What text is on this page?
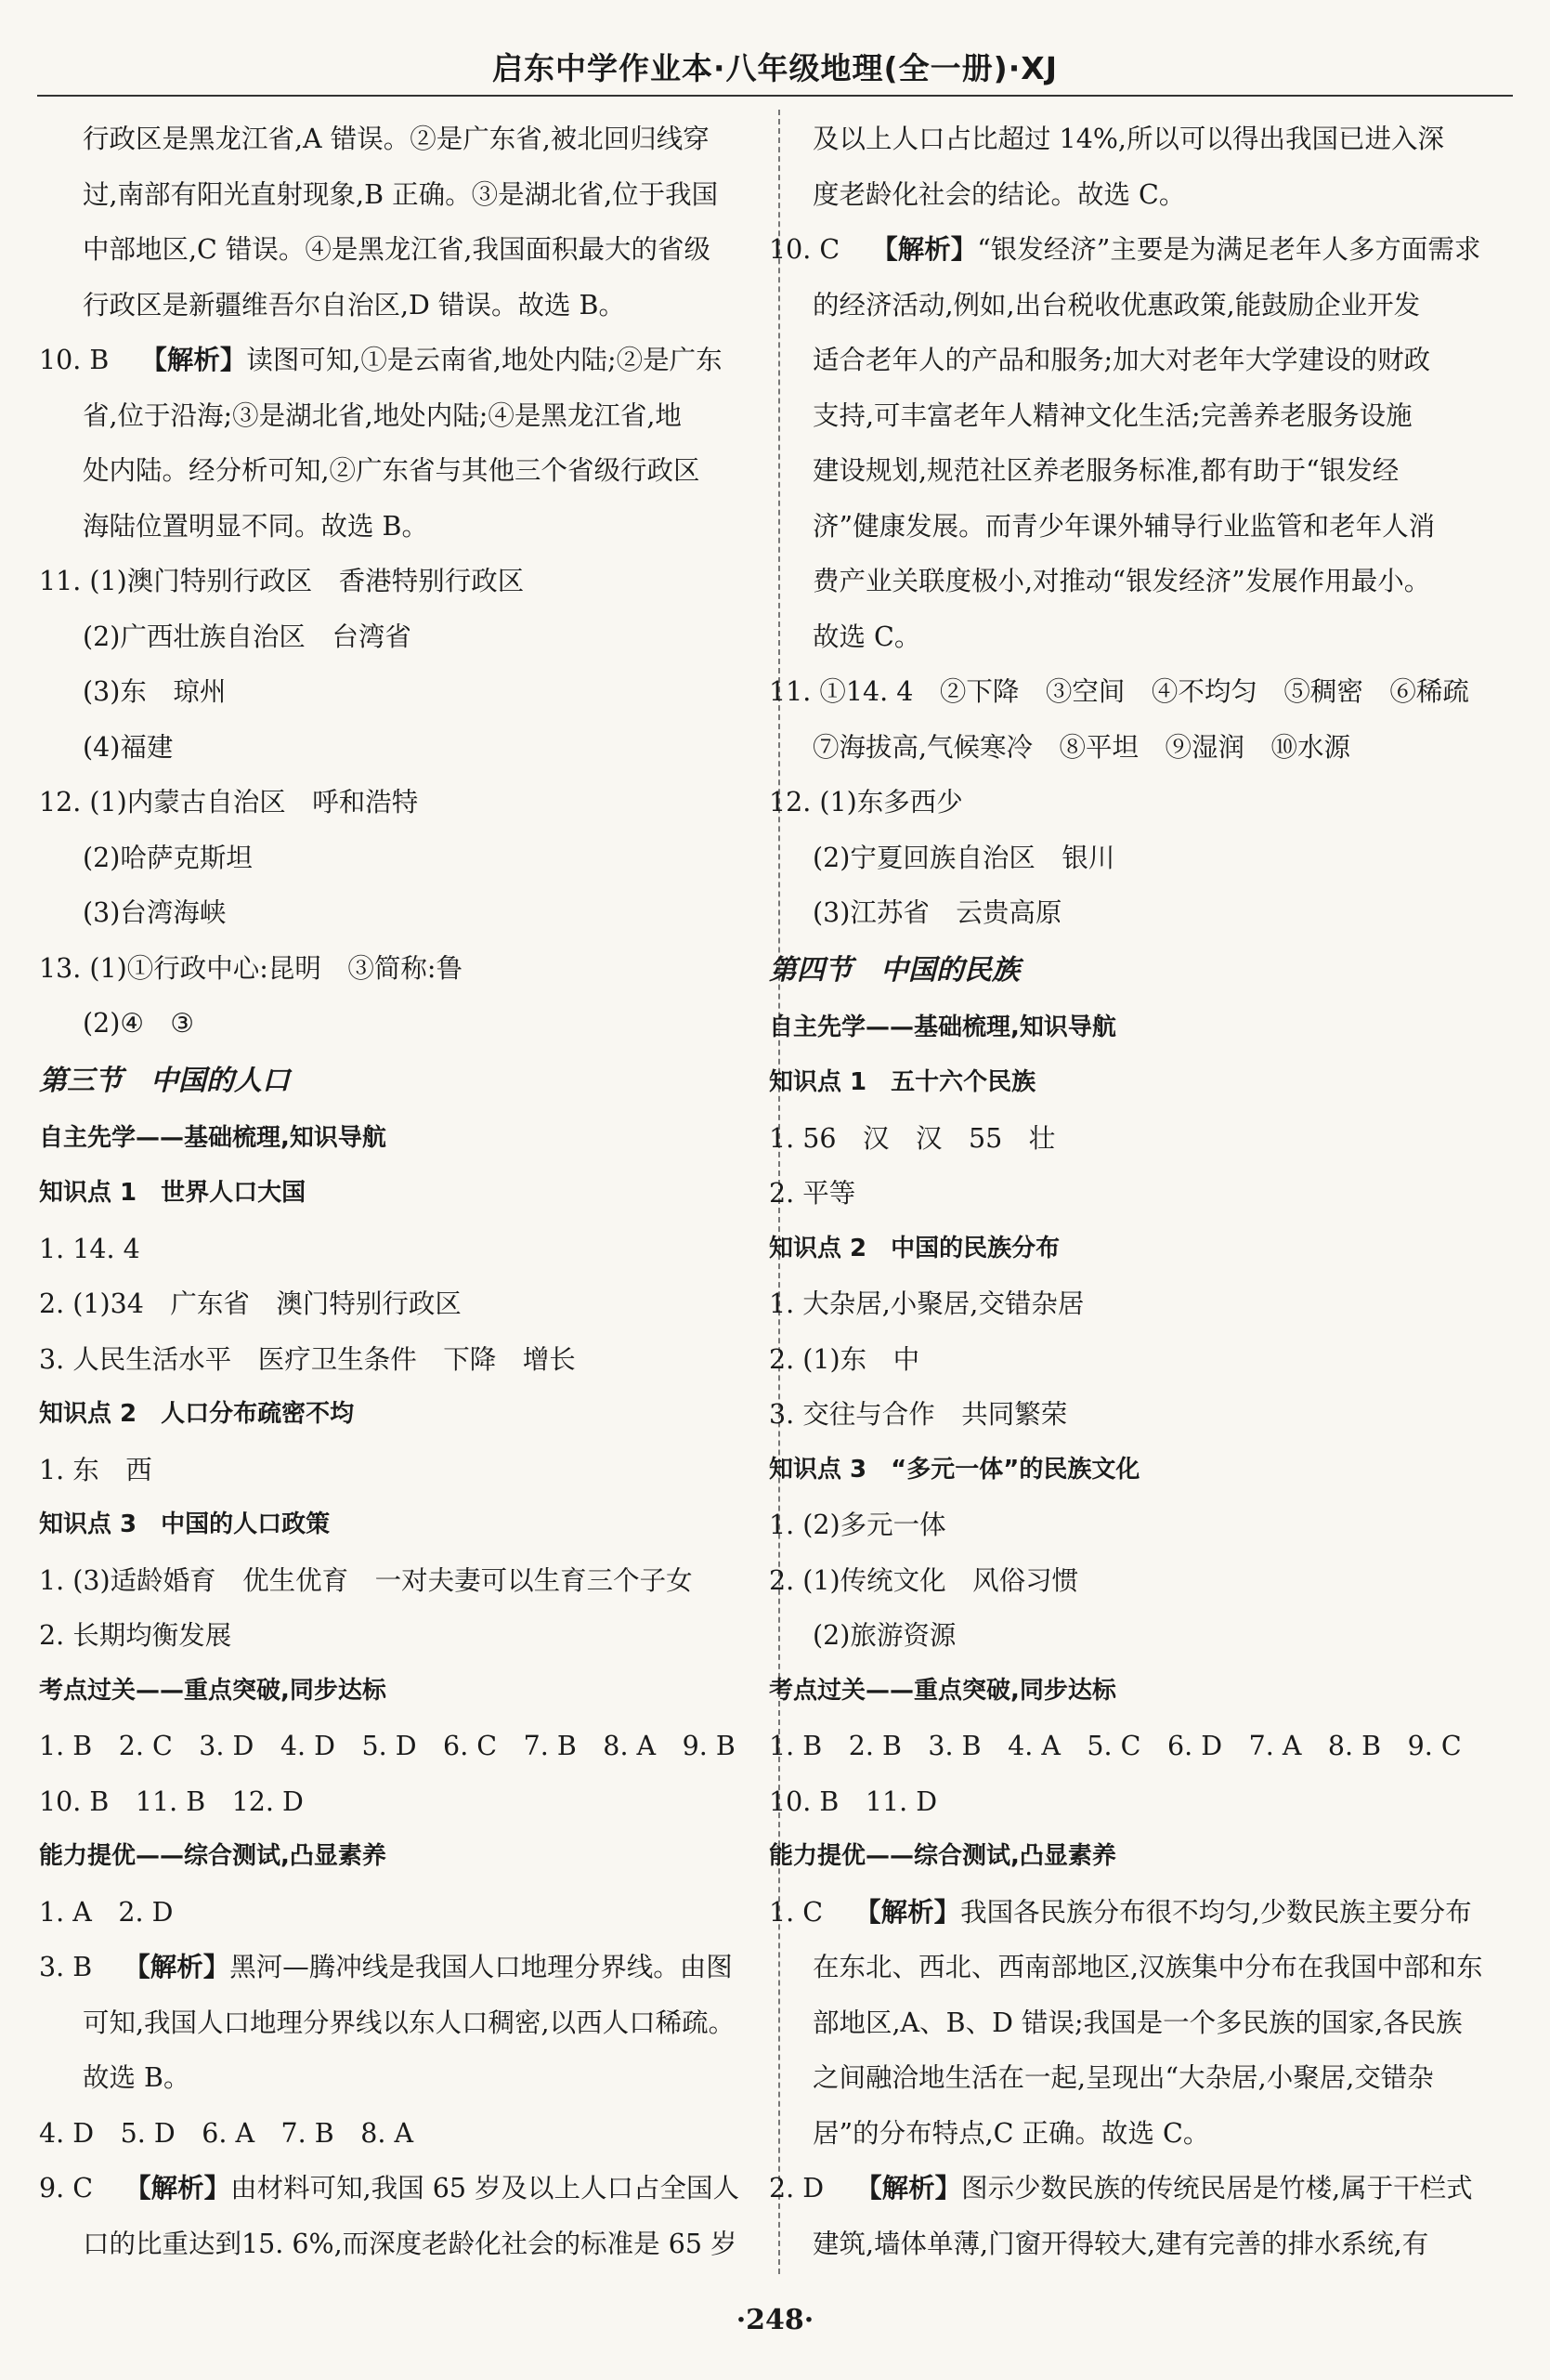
启东中学作业本·八年级地理(全一册)·XJ
行政区是黑龙江省,A 错误。②是广东省,被北回归线穿
过,南部有阳光直射现象,B 正确。③是湖北省,位于我国
中部地区,C 错误。④是黑龙江省,我国面积最大的省级
行政区是新疆维吾尔自治区,D 错误。故选 B。
10. B 【解析】读图可知,①是云南省,地处内陆;②是广东
省,位于沿海;③是湖北省,地处内陆;④是黑龙江省,地
处内陆。经分析可知,②广东省与其他三个省级行政区
海陆位置明显不同。故选 B。
11. (1)澳门特别行政区　香港特别行政区
(2)广西壮族自治区　台湾省
(3)东　琼州
(4)福建
12. (1)内蒙古自治区　呼和浩特
(2)哈萨克斯坦
(3)台湾海峡
13. (1)①行政中心:昆明　③简称:鲁
(2)④　③
第三节　中国的人口
自主先学——基础梳理,知识导航
知识点 1　世界人口大国
1. 14. 4
2. (1)34　广东省　澳门特别行政区
3. 人民生活水平　医疗卫生条件　下降　增长
知识点 2　人口分布疏密不均
1. 东　西
知识点 3　中国的人口政策
1. (3)适龄婚育　优生优育　一对夫妻可以生育三个子女
2. 长期均衡发展
考点过关——重点突破,同步达标
1. B　2. C　3. D　4. D　5. D　6. C　7. B　8. A　9. B
10. B　11. B　12. D
能力提优——综合测试,凸显素养
1. A　2. D
3. B 【解析】黑河—腾冲线是我国人口地理分界线。由图
可知,我国人口地理分界线以东人口稠密,以西人口稀疏。
故选 B。
4. D　5. D　6. A　7. B　8. A
9. C 【解析】由材料可知,我国 65 岁及以上人口占全国人
口的比重达到15. 6%,而深度老龄化社会的标准是 65 岁
及以上人口占比超过 14%,所以可以得出我国已进入深
度老龄化社会的结论。故选 C。
10. C 【解析】“银发经济”主要是为满足老年人多方面需求
的经济活动,例如,出台税收优惠政策,能鼓励企业开发
适合老年人的产品和服务;加大对老年大学建设的财政
支持,可丰富老年人精神文化生活;完善养老服务设施
建设规划,规范社区养老服务标准,都有助于“银发经
济”健康发展。而青少年课外辅导行业监管和老年人消
费产业关联度极小,对推动“银发经济”发展作用最小。
故选 C。
11. ①14. 4　②下降　③空间　④不均匀　⑤稠密　⑥稀疏
⑦海拔高,气候寒冷　⑧平坦　⑨湿润　⑩水源
12. (1)东多西少
(2)宁夏回族自治区　银川
(3)江苏省　云贵高原
第四节　中国的民族
自主先学——基础梳理,知识导航
知识点 1　五十六个民族
1. 56　汉　汉　55　壮
2. 平等
知识点 2　中国的民族分布
1. 大杂居,小聚居,交错杂居
2. (1)东　中
3. 交往与合作　共同繁荣
知识点 3　“多元一体”的民族文化
1. (2)多元一体
2. (1)传统文化　风俗习惯
(2)旅游资源
考点过关——重点突破,同步达标
1. B　2. B　3. B　4. A　5. C　6. D　7. A　8. B　9. C
10. B　11. D
能力提优——综合测试,凸显素养
1. C 【解析】我国各民族分布很不均匀,少数民族主要分布
在东北、西北、西南部地区,汉族集中分布在我国中部和东
部地区,A、B、D 错误;我国是一个多民族的国家,各民族
之间融洽地生活在一起,呈现出“大杂居,小聚居,交错杂
居”的分布特点,C 正确。故选 C。
2. D 【解析】图示少数民族的传统民居是竹楼,属于干栏式
建筑,墙体单薄,门窗开得较大,建有完善的排水系统,有
·248·
